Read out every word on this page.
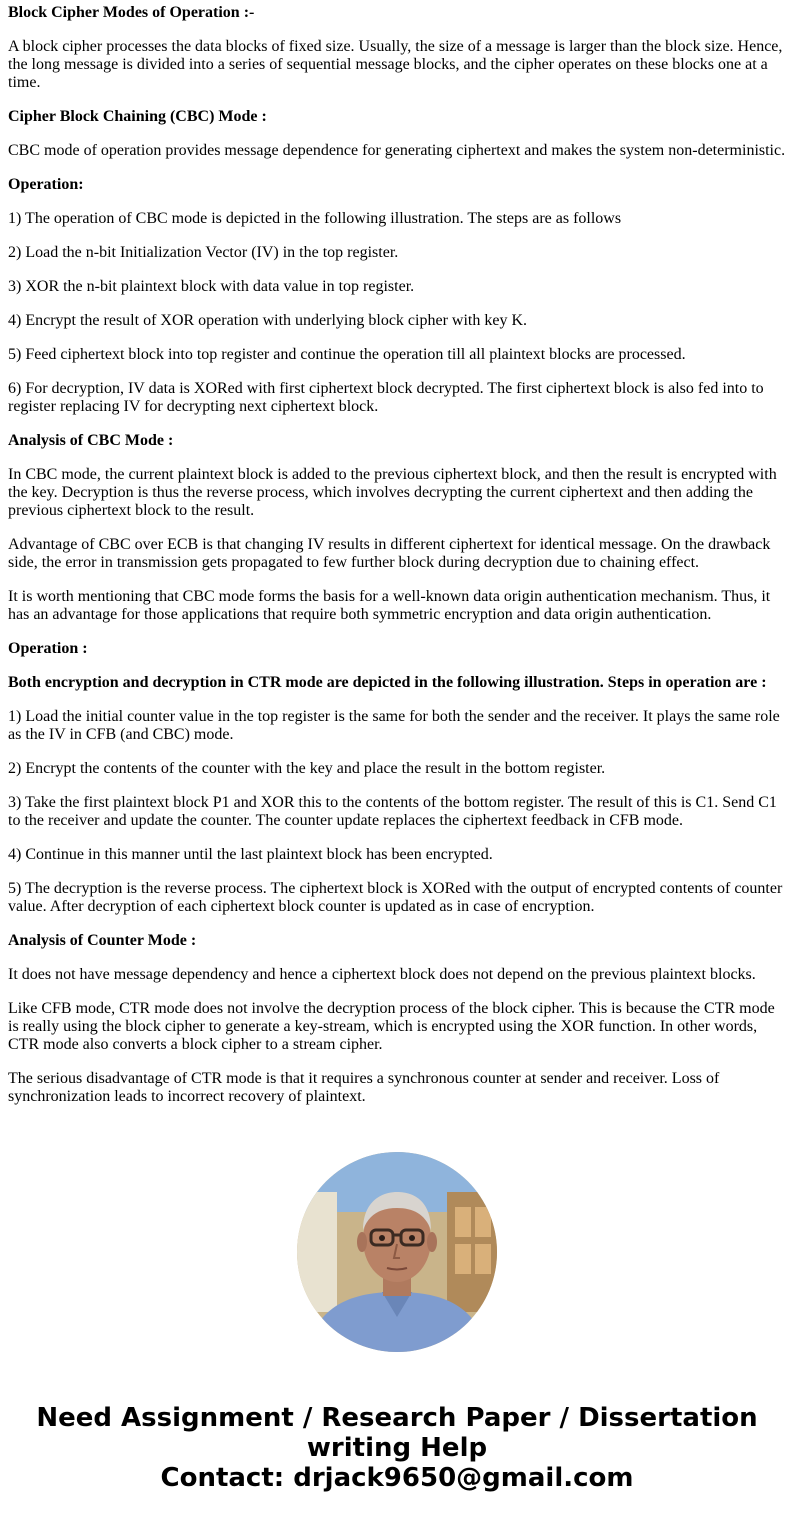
Block Cipher Modes of Operation :-

A block cipher processes the data blocks of fixed size. Usually, the size of a message is larger than the block size. Hence, the long message is divided into a series of sequential message blocks, and the cipher operates on these blocks one at a time.

Cipher Block Chaining (CBC) Mode :

CBC mode of operation provides message dependence for generating ciphertext and makes the system non-deterministic.

Operation:

1) The operation of CBC mode is depicted in the following illustration. The steps are as follows

2) Load the n-bit Initialization Vector (IV) in the top register.

3) XOR the n-bit plaintext block with data value in top register.

4) Encrypt the result of XOR operation with underlying block cipher with key K.

5) Feed ciphertext block into top register and continue the operation till all plaintext blocks are processed.

6) For decryption, IV data is XORed with first ciphertext block decrypted. The first ciphertext block is also fed into to register replacing IV for decrypting next ciphertext block.

Analysis of CBC Mode :

In CBC mode, the current plaintext block is added to the previous ciphertext block, and then the result is encrypted with the key. Decryption is thus the reverse process, which involves decrypting the current ciphertext and then adding the previous ciphertext block to the result.

Advantage of CBC over ECB is that changing IV results in different ciphertext for identical message. On the drawback side, the error in transmission gets propagated to few further block during decryption due to chaining effect.

It is worth mentioning that CBC mode forms the basis for a well-known data origin authentication mechanism. Thus, it has an advantage for those applications that require both symmetric encryption and data origin authentication.

Operation :

Both encryption and decryption in CTR mode are depicted in the following illustration. Steps in operation are :

1) Load the initial counter value in the top register is the same for both the sender and the receiver. It plays the same role as the IV in CFB (and CBC) mode.

2) Encrypt the contents of the counter with the key and place the result in the bottom register.

3) Take the first plaintext block P1 and XOR this to the contents of the bottom register. The result of this is C1. Send C1 to the receiver and update the counter. The counter update replaces the ciphertext feedback in CFB mode.

4) Continue in this manner until the last plaintext block has been encrypted.

5) The decryption is the reverse process. The ciphertext block is XORed with the output of encrypted contents of counter value. After decryption of each ciphertext block counter is updated as in case of encryption.

Analysis of Counter Mode :

It does not have message dependency and hence a ciphertext block does not depend on the previous plaintext blocks.

Like CFB mode, CTR mode does not involve the decryption process of the block cipher. This is because the CTR mode is really using the block cipher to generate a key-stream, which is encrypted using the XOR function. In other words, CTR mode also converts a block cipher to a stream cipher.

The serious disadvantage of CTR mode is that it requires a synchronous counter at sender and receiver. Loss of synchronization leads to incorrect recovery of plaintext.

Need Assignment / Research Paper / Dissertation writing Help
Contact: drjack9650@gmail.com
